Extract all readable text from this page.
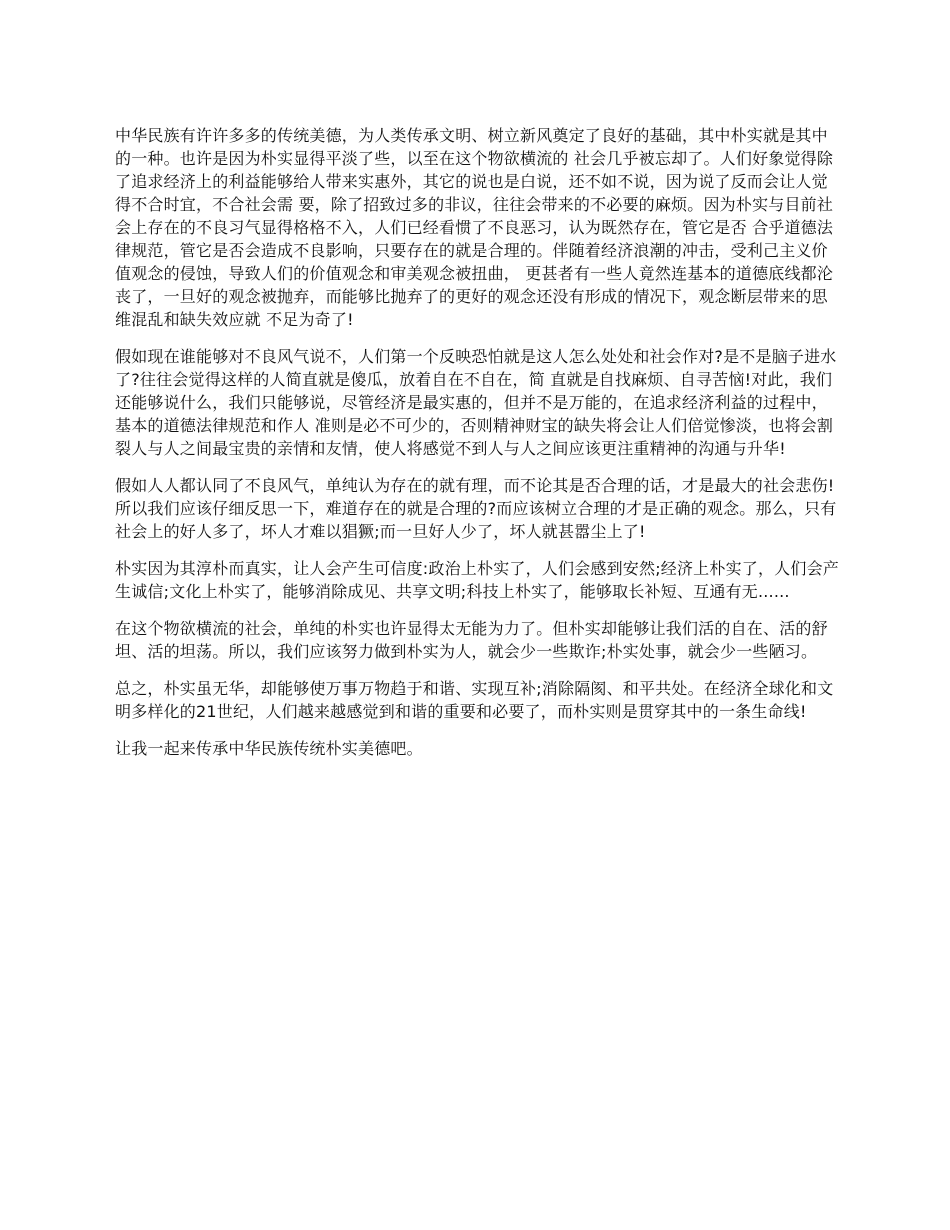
中华民族有许许多多的传统美德，为人类传承文明、树立新风奠定了良好的基础，其中朴实就是其中的一种。也许是因为朴实显得平淡了些，以至在这个物欲横流的 社会几乎被忘却了。人们好象觉得除了追求经济上的利益能够给人带来实惠外，其它的说也是白说，还不如不说，因为说了反而会让人觉得不合时宜，不合社会需 要，除了招致过多的非议，往往会带来的不必要的麻烦。因为朴实与目前社会上存在的不良习气显得格格不入，人们已经看惯了不良恶习，认为既然存在，管它是否 合乎道德法律规范，管它是否会造成不良影响，只要存在的就是合理的。伴随着经济浪潮的冲击，受利己主义价值观念的侵蚀，导致人们的价值观念和审美观念被扭曲， 更甚者有一些人竟然连基本的道德底线都沦丧了，一旦好的观念被抛弃，而能够比抛弃了的更好的观念还没有形成的情况下，观念断层带来的思维混乱和缺失效应就 不足为奇了!

假如现在谁能够对不良风气说不，人们第一个反映恐怕就是这人怎么处处和社会作对?是不是脑子进水了?往往会觉得这样的人简直就是傻瓜，放着自在不自在，简 直就是自找麻烦、自寻苦恼!对此，我们还能够说什么，我们只能够说，尽管经济是最实惠的，但并不是万能的，在追求经济利益的过程中，基本的道德法律规范和作人 准则是必不可少的，否则精神财宝的缺失将会让人们倍觉惨淡，也将会割裂人与人之间最宝贵的亲情和友情，使人将感觉不到人与人之间应该更注重精神的沟通与升华!

假如人人都认同了不良风气，单纯认为存在的就有理，而不论其是否合理的话，才是最大的社会悲伤!所以我们应该仔细反思一下，难道存在的就是合理的?而应该树立合理的才是正确的观念。那么，只有社会上的好人多了，坏人才难以猖獗;而一旦好人少了，坏人就甚嚣尘上了!

朴实因为其淳朴而真实，让人会产生可信度:政治上朴实了，人们会感到安然;经济上朴实了，人们会产生诚信;文化上朴实了，能够消除成见、共享文明;科技上朴实了，能够取长补短、互通有无......

在这个物欲横流的社会，单纯的朴实也许显得太无能为力了。但朴实却能够让我们活的自在、活的舒坦、活的坦荡。所以，我们应该努力做到朴实为人，就会少一些欺诈;朴实处事，就会少一些陋习。

总之，朴实虽无华，却能够使万事万物趋于和谐、实现互补;消除隔阂、和平共处。在经济全球化和文明多样化的21世纪，人们越来越感觉到和谐的重要和必要了，而朴实则是贯穿其中的一条生命线!

让我一起来传承中华民族传统朴实美德吧。
